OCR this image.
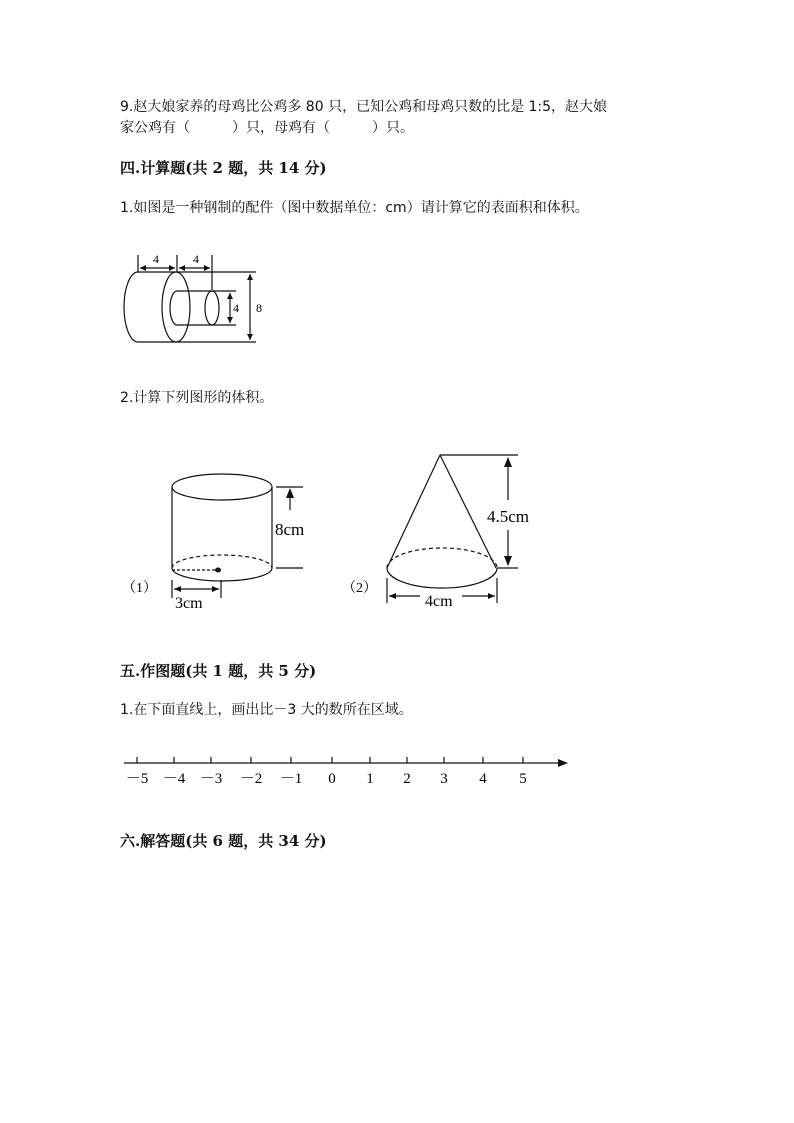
9.赵大娘家养的母鸡比公鸡多 80 只，已知公鸡和母鸡只数的比是 1:5，赵大娘
家公鸡有（　　　）只，母鸡有（　　　）只。
四.计算题(共 2 题，共 14 分)
1.如图是一种钢制的配件（图中数据单位：cm）请计算它的表面积和体积。
4	4
4 8
2.计算下列图形的体积。
（1）
8cm
3cm
（2）
4.5cm
4cm
五.作图题(共 1 题，共 5 分)
1.在下面直线上，画出比－3 大的数所在区域。
－5 －4 －3 －2 －1 0 1 2 3 4 5
六.解答题(共 6 题，共 34 分)
